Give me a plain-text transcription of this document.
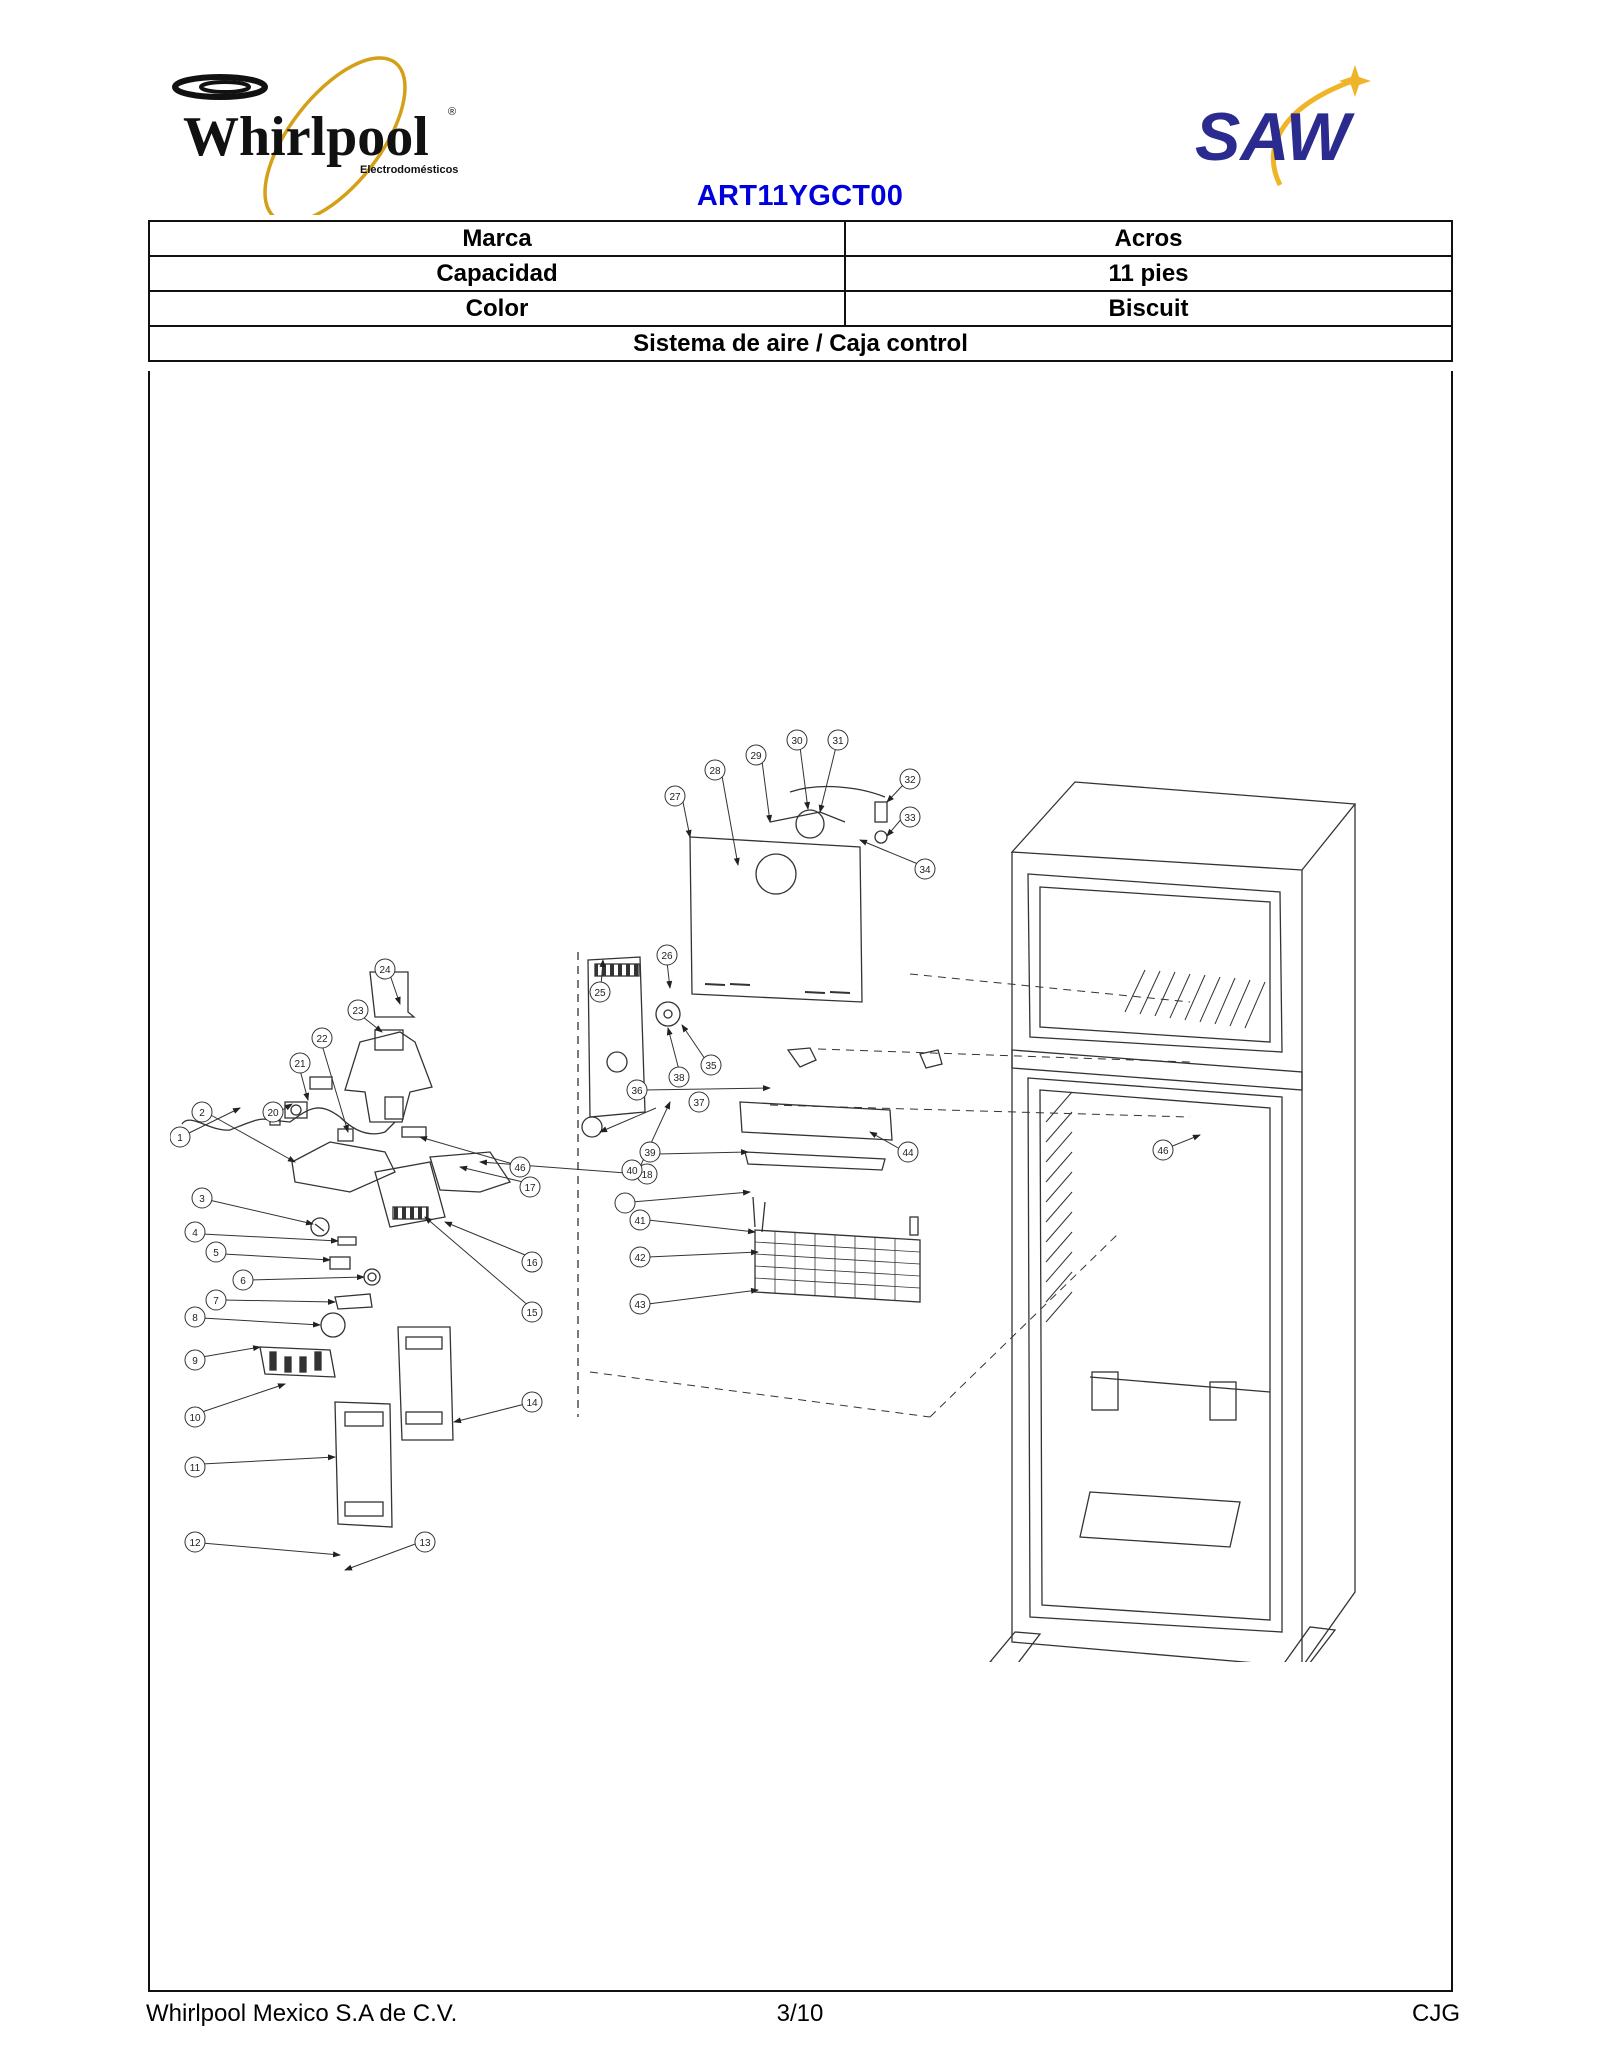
Whirlpool ®
Electrodomésticos	SAW
ART11YGCT00
Marca	Acros
Capacidad	11 pies
Color	Biscuit
Sistema de aire / Caja control	
1
2
3
4
5
6
7
8
9
10
11
12	13
14
15
16
17
18
20
21
22
23
24
25
26
27
28
29
30	31
32
33
34
35
36
37
38
39
40
41
42
43
44
46
46
Whirlpool Mexico S.A de C.V.	3/10	CJG
